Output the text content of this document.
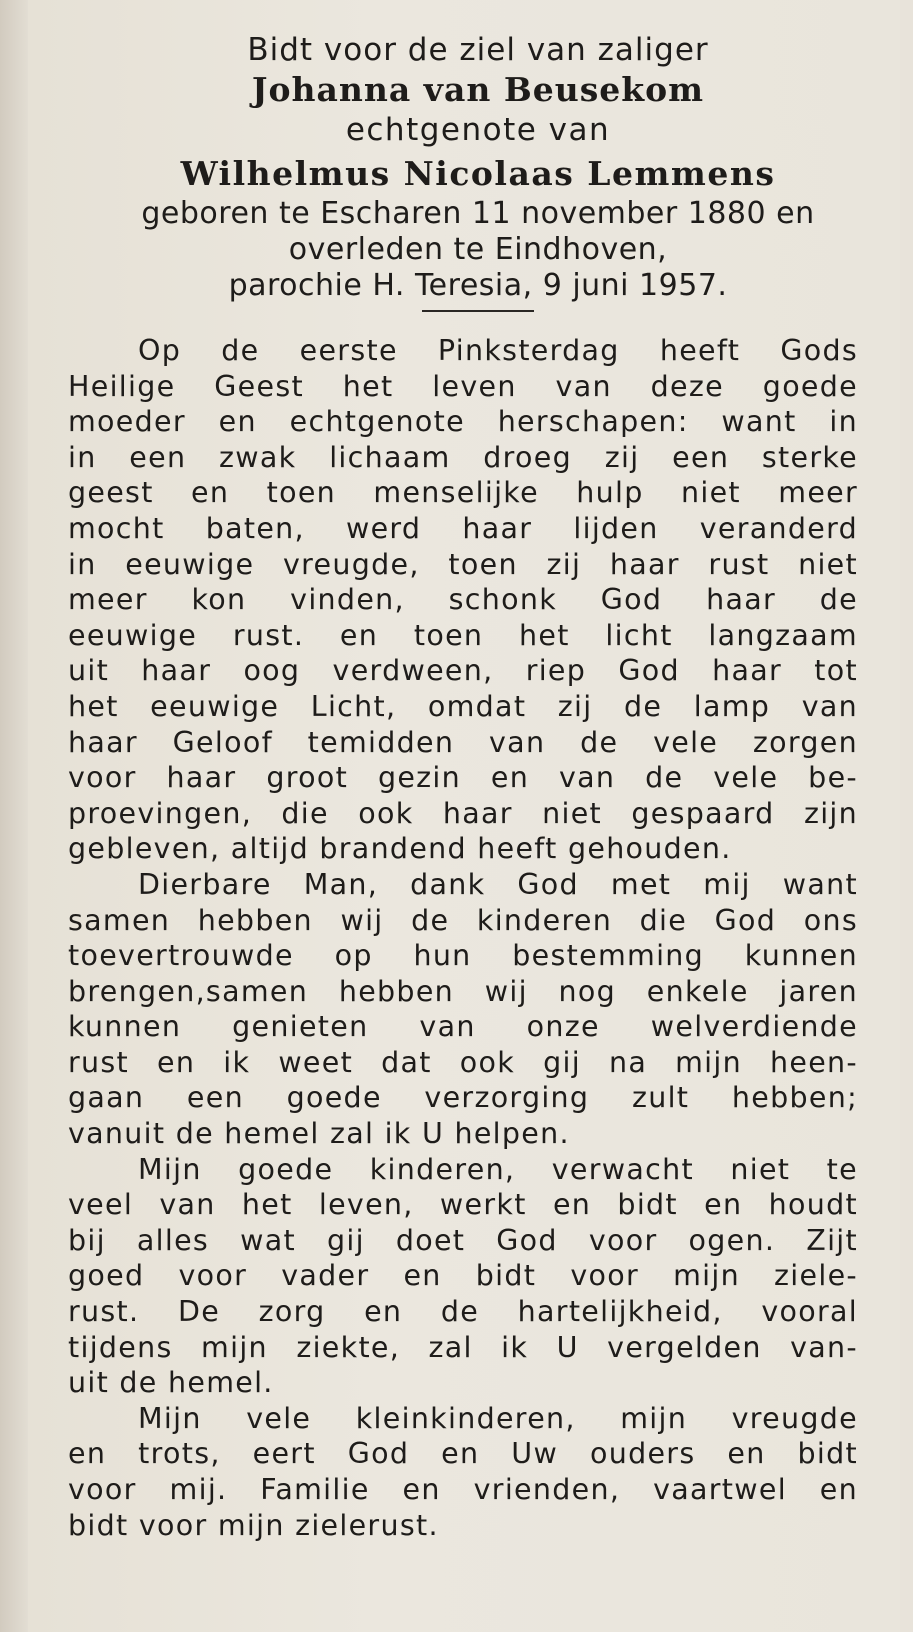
Bidt voor de ziel van zaliger

Johanna van Beusekom

echtgenote van

Wilhelmus Nicolaas Lemmens

geboren te Escharen 11 november 1880 en

overleden te Eindhoven,

parochie H. Teresia, 9 juni 1957.

Op de eerste Pinksterdag heeft Gods
Heilige Geest het leven van deze goede
moeder en echtgenote herschapen: want in
in een zwak lichaam droeg zij een sterke
geest en toen menselijke hulp niet meer
mocht baten, werd haar lijden veranderd
in eeuwige vreugde, toen zij haar rust niet
meer kon vinden, schonk God haar de
eeuwige rust. en toen het licht langzaam
uit haar oog verdween, riep God haar tot
het eeuwige Licht, omdat zij de lamp van
haar Geloof temidden van de vele zorgen
voor haar groot gezin en van de vele be-
proevingen, die ook haar niet gespaard zijn
gebleven, altijd brandend heeft gehouden.
Dierbare Man, dank God met mij want
samen hebben wij de kinderen die God ons
toevertrouwde op hun bestemming kunnen
brengen,samen hebben wij nog enkele jaren
kunnen genieten van onze welverdiende
rust en ik weet dat ook gij na mijn heen-
gaan een goede verzorging zult hebben;
vanuit de hemel zal ik U helpen.
Mijn goede kinderen, verwacht niet te
veel van het leven, werkt en bidt en houdt
bij alles wat gij doet God voor ogen. Zijt
goed voor vader en bidt voor mijn ziele-
rust. De zorg en de hartelijkheid, vooral
tijdens mijn ziekte, zal ik U vergelden van-
uit de hemel.
Mijn vele kleinkinderen, mijn vreugde
en trots, eert God en Uw ouders en bidt
voor mij. Familie en vrienden, vaartwel en
bidt voor mijn zielerust.
